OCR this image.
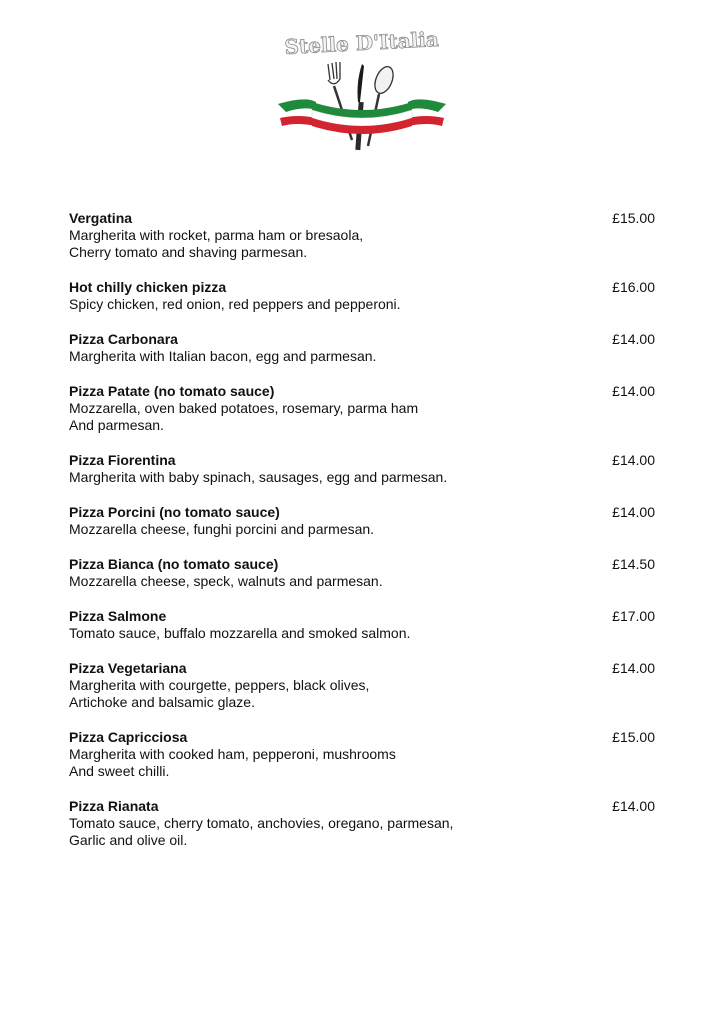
Stelle D'Italia
Vergatina	£15.00
Margherita with rocket, parma ham or bresaola,
Cherry tomato and shaving parmesan.
Hot chilly chicken pizza	£16.00
Spicy chicken, red onion, red peppers and pepperoni.
Pizza Carbonara	£14.00
Margherita with Italian bacon, egg and parmesan.
Pizza Patate (no tomato sauce)	£14.00
Mozzarella, oven baked potatoes, rosemary, parma ham
And parmesan.
Pizza Fiorentina	£14.00
Margherita with baby spinach, sausages, egg and parmesan.
Pizza Porcini (no tomato sauce)	£14.00
Mozzarella cheese, funghi porcini and parmesan.
Pizza Bianca (no tomato sauce)	£14.50
Mozzarella cheese, speck, walnuts and parmesan.
Pizza Salmone	£17.00
Tomato sauce, buffalo mozzarella and smoked salmon.
Pizza Vegetariana	£14.00
Margherita with courgette, peppers, black olives,
Artichoke and balsamic glaze.
Pizza Capricciosa	£15.00
Margherita with cooked ham, pepperoni, mushrooms
And sweet chilli.
Pizza Rianata	£14.00
Tomato sauce, cherry tomato, anchovies, oregano, parmesan,
Garlic and olive oil.
